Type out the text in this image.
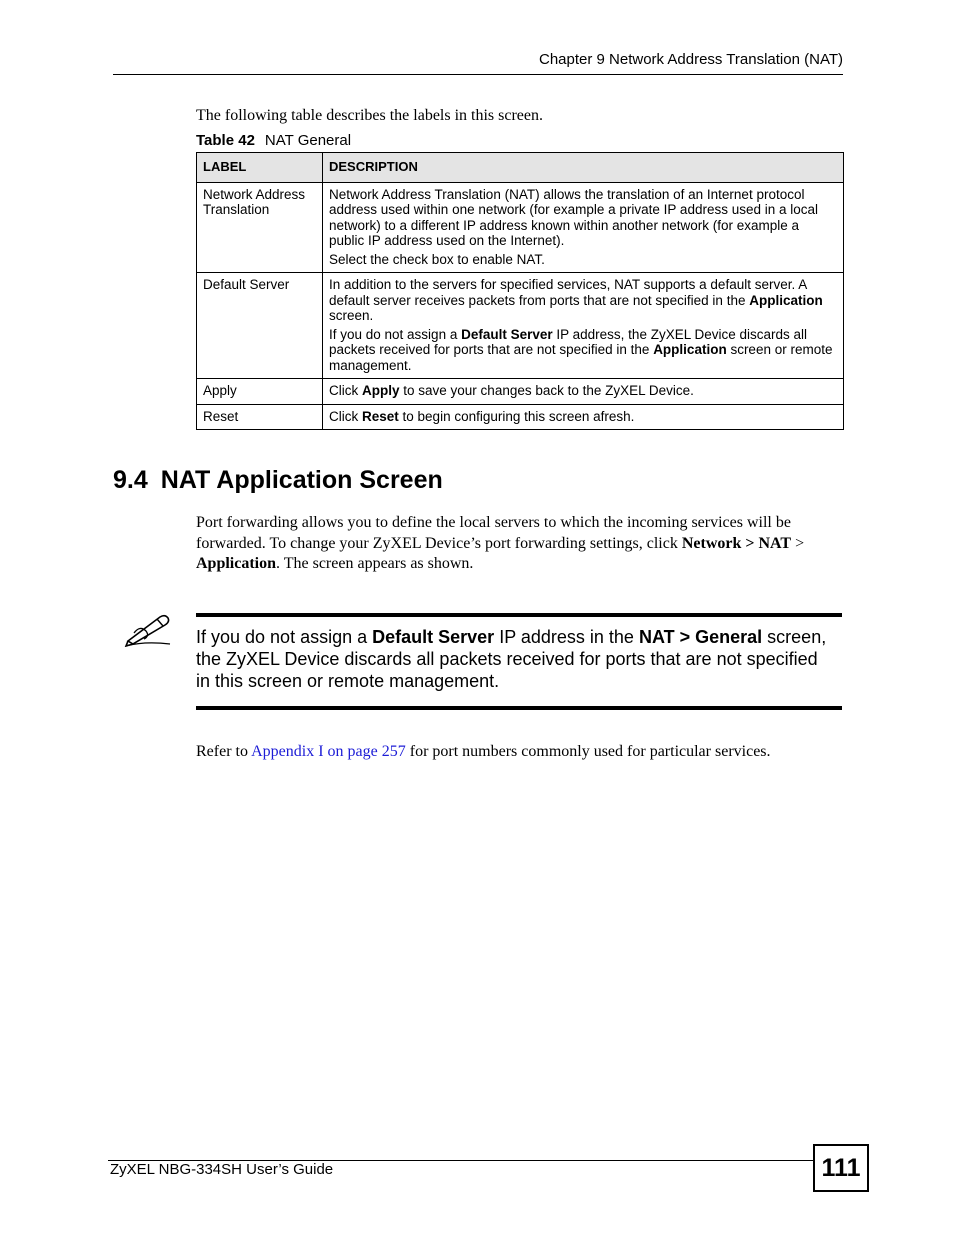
Chapter 9 Network Address Translation (NAT)
The following table describes the labels in this screen.
Table 42 NAT General
LABEL	DESCRIPTION
Network Address Translation	Network Address Translation (NAT) allows the translation of an Internet protocol address used within one network (for example a private IP address used in a local network) to a different IP address known within another network (for example a public IP address used on the Internet).

Select the check box to enable NAT.

Default Server	In addition to the servers for specified services, NAT supports a default server. A default server receives packets from ports that are not specified in the Application screen.

If you do not assign a Default Server IP address, the ZyXEL Device discards all packets received for ports that are not specified in the Application screen or remote management.

Apply	Click Apply to save your changes back to the ZyXEL Device.
Reset	Click Reset to begin configuring this screen afresh.
9.4 NAT Application Screen

Port forwarding allows you to define the local servers to which the incoming services will be forwarded. To change your ZyXEL Device’s port forwarding settings, click Network > NAT > Application. The screen appears as shown.

If you do not assign a Default Server IP address in the NAT > General screen, the ZyXEL Device discards all packets received for ports that are not specified in this screen or remote management.

Refer to Appendix I on page 257 for port numbers commonly used for particular services.

ZyXEL NBG-334SH User’s Guide	111
